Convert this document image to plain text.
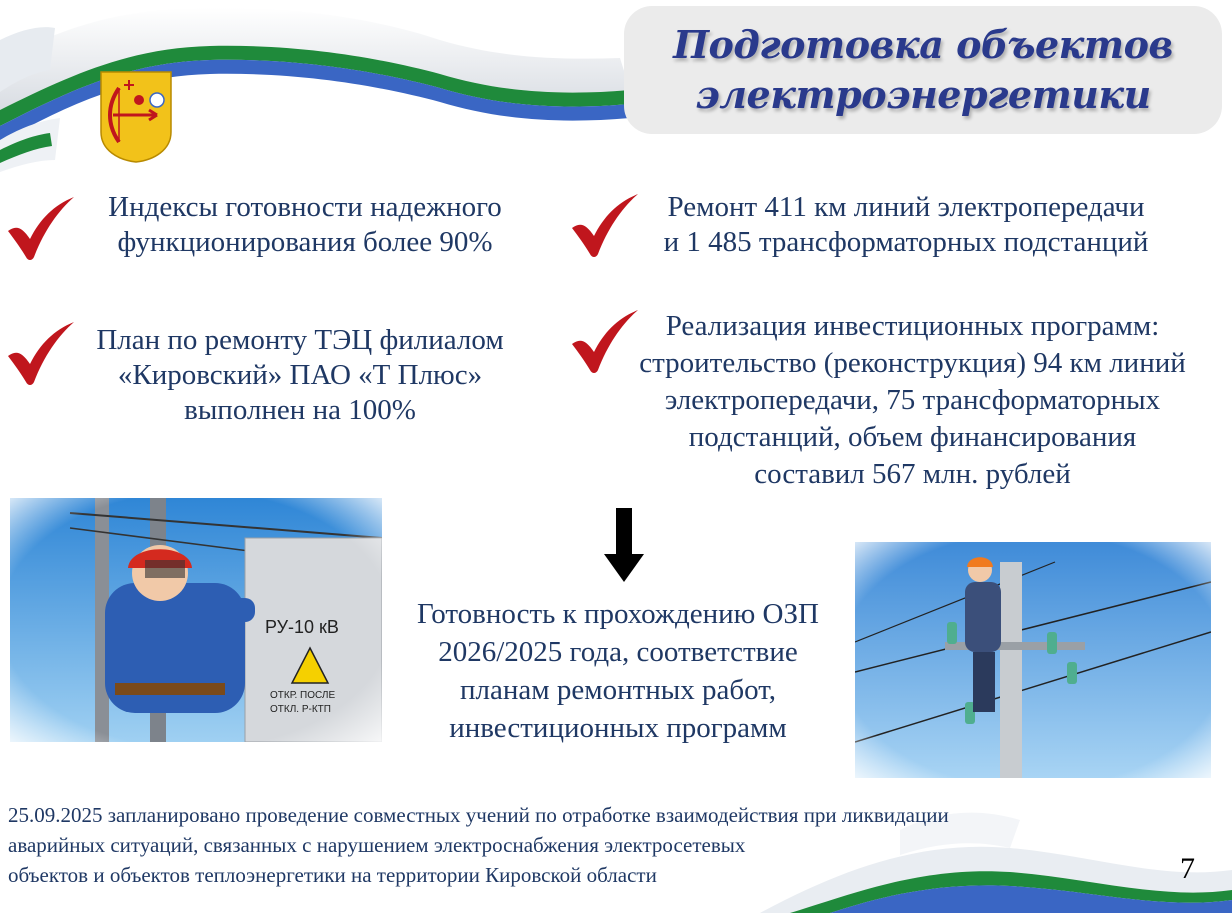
Подготовка объектов
электроэнергетики
Индексы готовности надежного
функционирования более 90%
Ремонт 411 км линий электропередачи
и 1 485 трансформаторных подстанций
План по ремонту ТЭЦ филиалом
«Кировский» ПАО «Т Плюс»
выполнен на 100%
Реализация инвестиционных программ:
строительство (реконструкция) 94 км линий
электропередачи, 75 трансформаторных
подстанций, объем финансирования
составил 567 млн. рублей
Готовность к прохождению ОЗП
2026/2025 года, соответствие
планам ремонтных работ,
инвестиционных программ
25.09.2025 запланировано проведение совместных учений по отработке взаимодействия при ликвидации
аварийных ситуаций, связанных с нарушением электроснабжения электросетевых
объектов и объектов теплоэнергетики на территории Кировской области	7
